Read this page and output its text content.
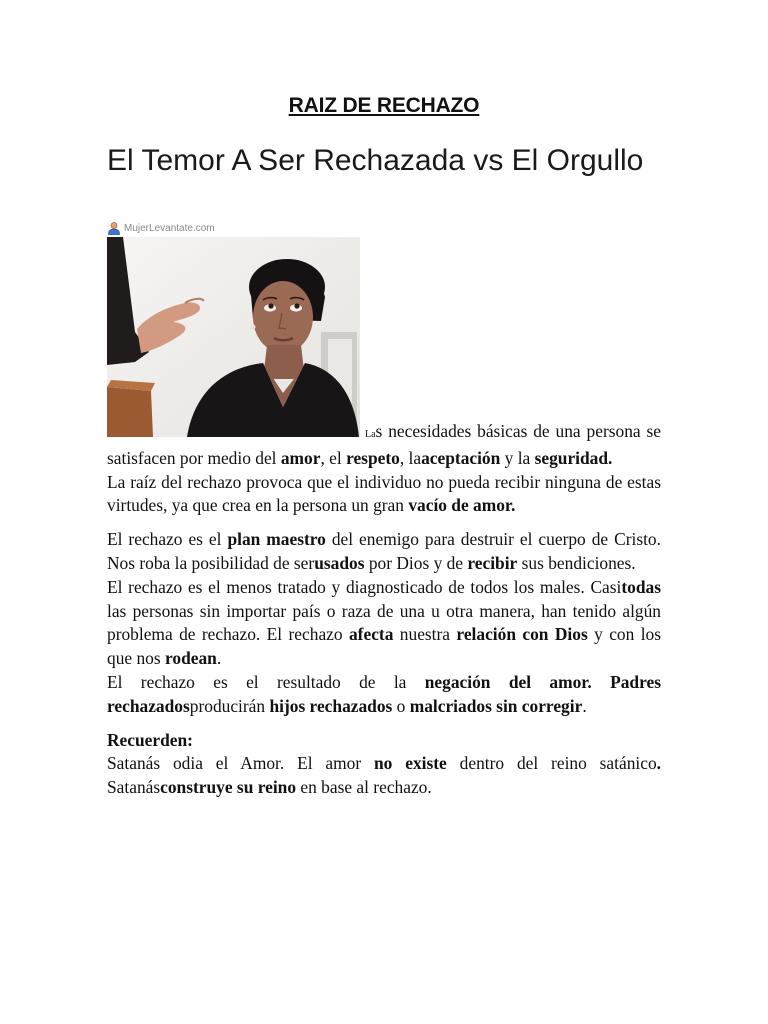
RAIZ DE RECHAZO
El Temor A Ser Rechazada vs El Orgullo
MujerLevantate.com

Las necesidades básicas de una persona se satisfacen por medio del amor, el respeto, laaceptación y la seguridad.

La raíz del rechazo provoca que el individuo no pueda recibir ninguna de estas virtudes, ya que crea en la persona un gran vacío de amor.

El rechazo es el plan maestro del enemigo para destruir el cuerpo de Cristo. Nos roba la posibilidad de serusados por Dios y de recibir sus bendiciones.

El rechazo es el menos tratado y diagnosticado de todos los males. Casitodas las personas sin importar país o raza de una u otra manera, han tenido algún problema de rechazo. El rechazo afecta nuestra relación con Dios y con los que nos rodean.

El rechazo es el resultado de la negación del amor. Padres rechazadosproducirán hijos rechazados o malcriados sin corregir.

Recuerden:

Satanás odia el Amor. El amor no existe dentro del reino satánico. Satanásconstruye su reino en base al rechazo.
